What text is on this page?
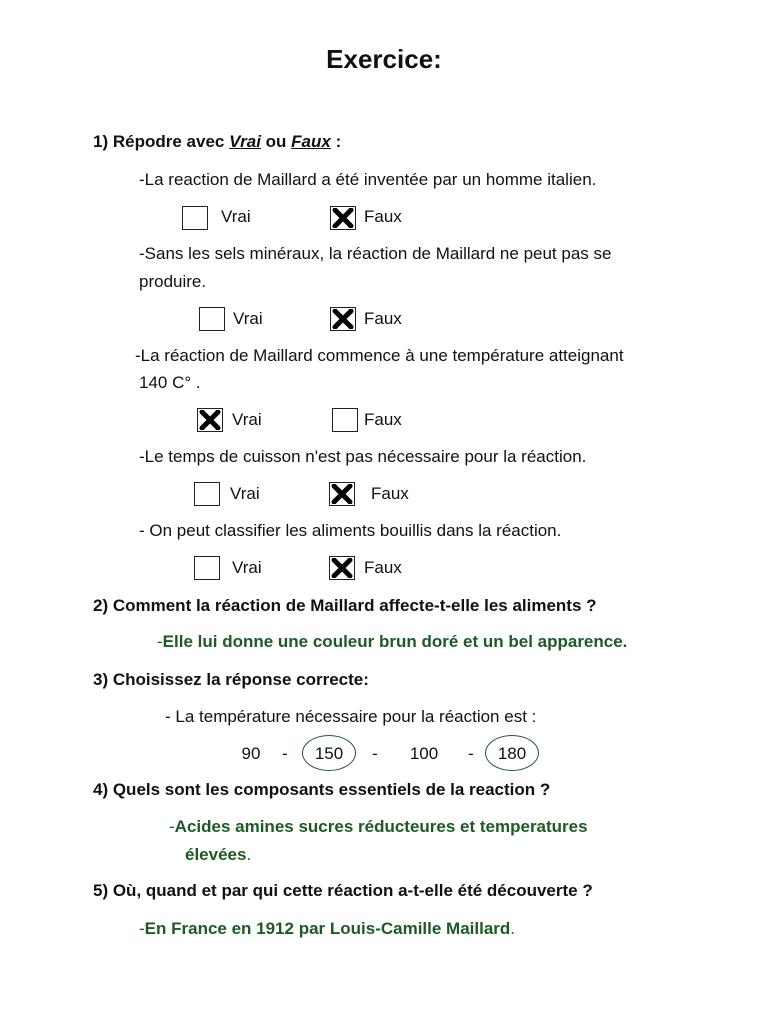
Exercice:
1) Répodre avec Vrai ou Faux :
-La reaction de Maillard a été inventée par un homme italien.
Vrai	Faux
-Sans les sels minéraux, la réaction de Maillard ne peut pas se
produire.
Vrai	Faux
-La réaction de Maillard commence à une température atteignant
140 C° .
Vrai	Faux
-Le temps de cuisson n'est pas nécessaire pour la réaction.
Vrai	Faux
- On peut classifier les aliments bouillis dans la réaction.
Vrai	Faux
2) Comment la réaction de Maillard affecte-t-elle les aliments ?
-Elle lui donne une couleur brun doré et un bel apparence.
3) Choisissez la réponse correcte:
- La température nécessaire pour la réaction est :
90	-	150	-	100	-	180
4) Quels sont les composants essentiels de la reaction ?
-Acides amines sucres réducteures et temperatures
élevées.
5) Où, quand et par qui cette réaction a-t-elle été découverte ?
-En France en 1912 par Louis-Camille Maillard.
